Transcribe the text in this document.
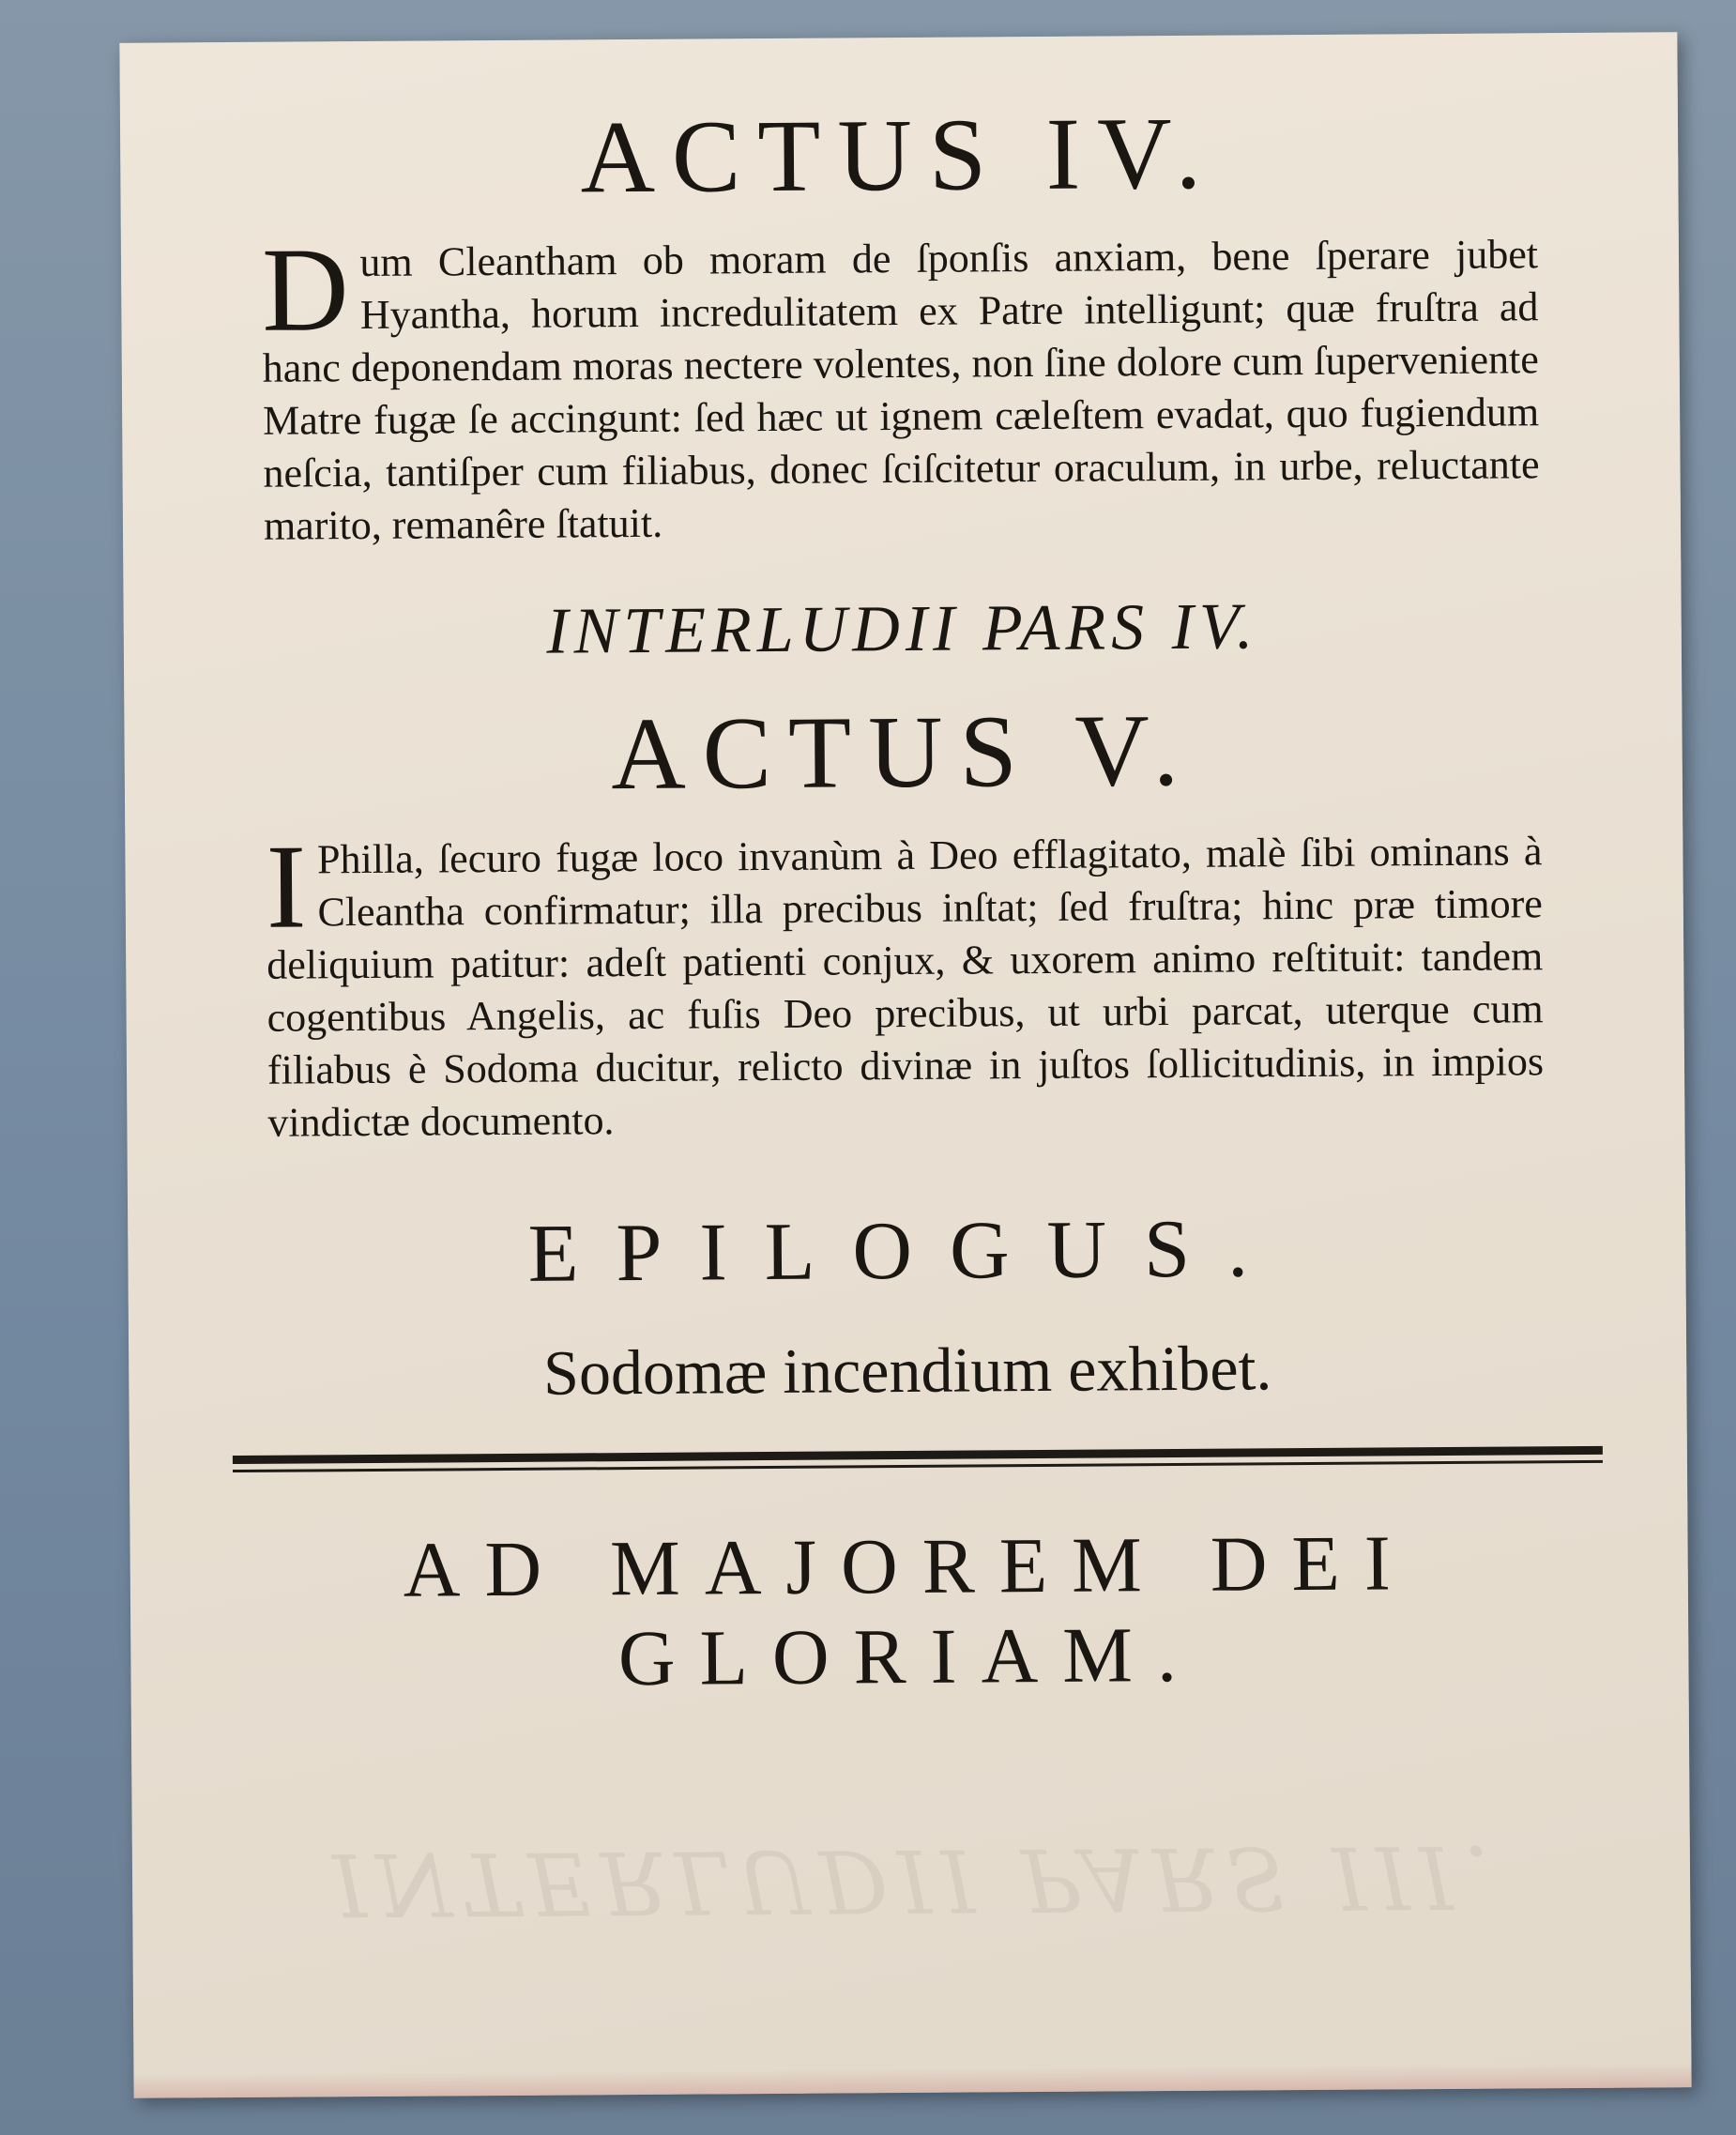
INTERLUDII PARS III.
ACTUS IV.

D um Cleantham ob moram de ſponſis anxiam, bene ſperare jubet Hyantha, horum incredulitatem ex Patre intelligunt; quæ fruſtra ad hanc deponendam moras nectere volentes, non ſine dolore cum ſuperveniente Matre fugæ ſe accingunt: ſed hæc ut ignem cæleſtem evadat, quo fugiendum neſcia, tantiſper cum filiabus, donec ſciſcitetur oraculum, in urbe, reluctante marito, remanêre ſtatuit.

INTERLUDII PARS IV.
ACTUS V.

I Philla, ſecuro fugæ loco invanùm à Deo efflagitato, malè ſibi ominans à Cleantha confirmatur; illa precibus inſtat; ſed fruſtra; hinc præ timore deliquium patitur: adeſt patienti conjux, & uxorem animo reſtituit: tandem cogentibus Angelis, ac fuſis Deo precibus, ut urbi parcat, uterque cum filiabus è Sodoma ducitur, relicto divinæ in juſtos ſollicitudinis, in impios vindictæ documento.

EPILOGUS.
Sodomæ incendium exhibet.
AD MAJOREM DEI
GLORIAM.
